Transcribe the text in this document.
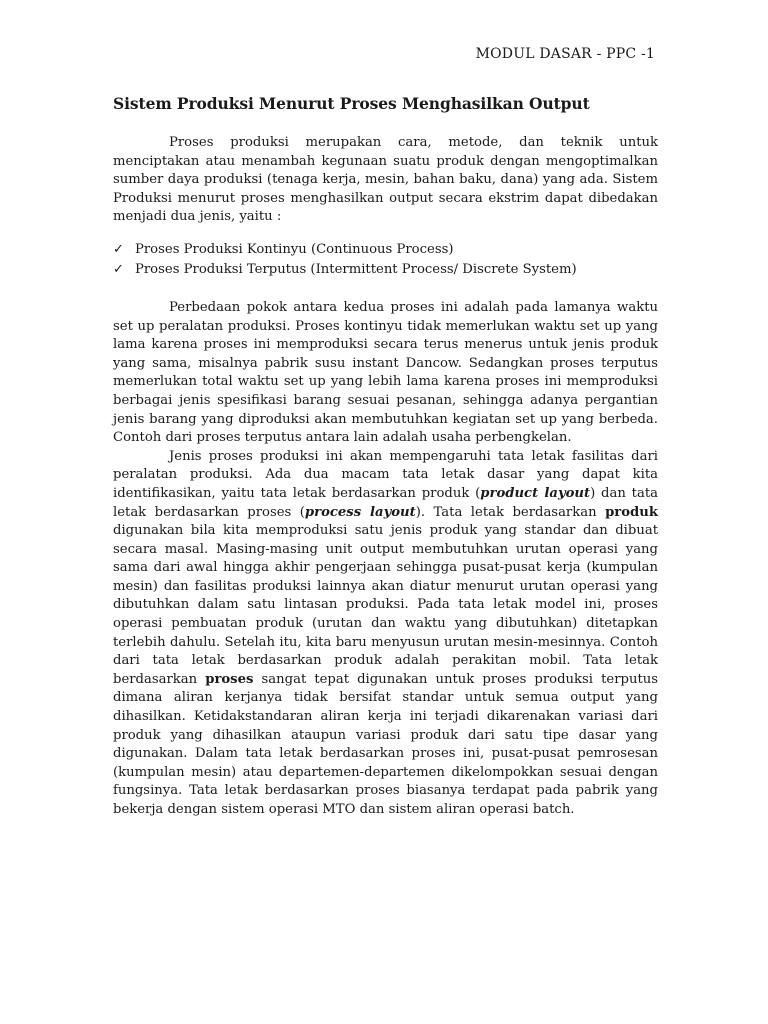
MODUL DASAR - PPC -1
Sistem Produksi Menurut Proses Menghasilkan Output

Proses produksi merupakan cara, metode, dan teknik untuk menciptakan atau menambah kegunaan suatu produk dengan mengoptimalkan sumber daya produksi (tenaga kerja, mesin, bahan baku, dana) yang ada. Sistem Produksi menurut proses menghasilkan output secara ekstrim dapat dibedakan menjadi dua jenis, yaitu :

✓ Proses Produksi Kontinyu (Continuous Process)
✓ Proses Produksi Terputus (Intermittent Process/ Discrete System)

Perbedaan pokok antara kedua proses ini adalah pada lamanya waktu set up peralatan produksi. Proses kontinyu tidak memerlukan waktu set up yang lama karena proses ini memproduksi secara terus menerus untuk jenis produk yang sama, misalnya pabrik susu instant Dancow. Sedangkan proses terputus memerlukan total waktu set up yang lebih lama karena proses ini memproduksi berbagai jenis spesifikasi barang sesuai pesanan, sehingga adanya pergantian jenis barang yang diproduksi akan membutuhkan kegiatan set up yang berbeda. Contoh dari proses terputus antara lain adalah usaha perbengkelan.

Jenis proses produksi ini akan mempengaruhi tata letak fasilitas dari peralatan produksi. Ada dua macam tata letak dasar yang dapat kita identifikasikan, yaitu tata letak berdasarkan produk (product layout) dan tata letak berdasarkan proses (process layout). Tata letak berdasarkan produk digunakan bila kita memproduksi satu jenis produk yang standar dan dibuat secara masal. Masing-masing unit output membutuhkan urutan operasi yang sama dari awal hingga akhir pengerjaan sehingga pusat-pusat kerja (kumpulan mesin) dan fasilitas produksi lainnya akan diatur menurut urutan operasi yang dibutuhkan dalam satu lintasan produksi. Pada tata letak model ini, proses operasi pembuatan produk (urutan dan waktu yang dibutuhkan) ditetapkan terlebih dahulu. Setelah itu, kita baru menyusun urutan mesin-mesinnya. Contoh dari tata letak berdasarkan produk adalah perakitan mobil. Tata letak berdasarkan proses sangat tepat digunakan untuk proses produksi terputus dimana aliran kerjanya tidak bersifat standar untuk semua output yang dihasilkan. Ketidakstandaran aliran kerja ini terjadi dikarenakan variasi dari produk yang dihasilkan ataupun variasi produk dari satu tipe dasar yang digunakan. Dalam tata letak berdasarkan proses ini, pusat-pusat pemrosesan (kumpulan mesin) atau departemen-departemen dikelompokkan sesuai dengan fungsinya. Tata letak berdasarkan proses biasanya terdapat pada pabrik yang bekerja dengan sistem operasi MTO dan sistem aliran operasi batch.
